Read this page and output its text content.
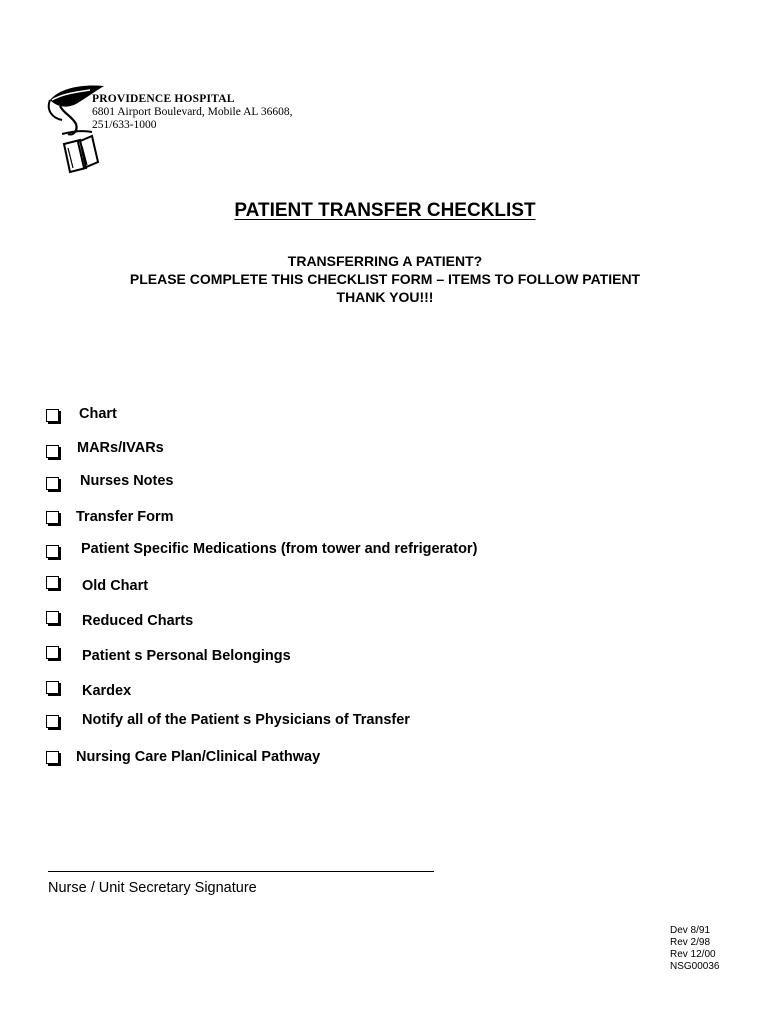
PROVIDENCE HOSPITAL
6801 Airport Boulevard, Mobile AL 36608,
251/633-1000
PATIENT TRANSFER CHECKLIST
TRANSFERRING A PATIENT?
PLEASE COMPLETE THIS CHECKLIST FORM – ITEMS TO FOLLOW PATIENT
THANK YOU!!!
Chart
MARs/IVARs
Nurses Notes
Transfer Form
Patient Specific Medications (from tower and refrigerator)
Old Chart
Reduced Charts
Patient s Personal Belongings
Kardex
Notify all of the Patient s Physicians of Transfer
Nursing Care Plan/Clinical Pathway
Nurse / Unit Secretary Signature
Dev 8/91
Rev 2/98
Rev 12/00
NSG00036
